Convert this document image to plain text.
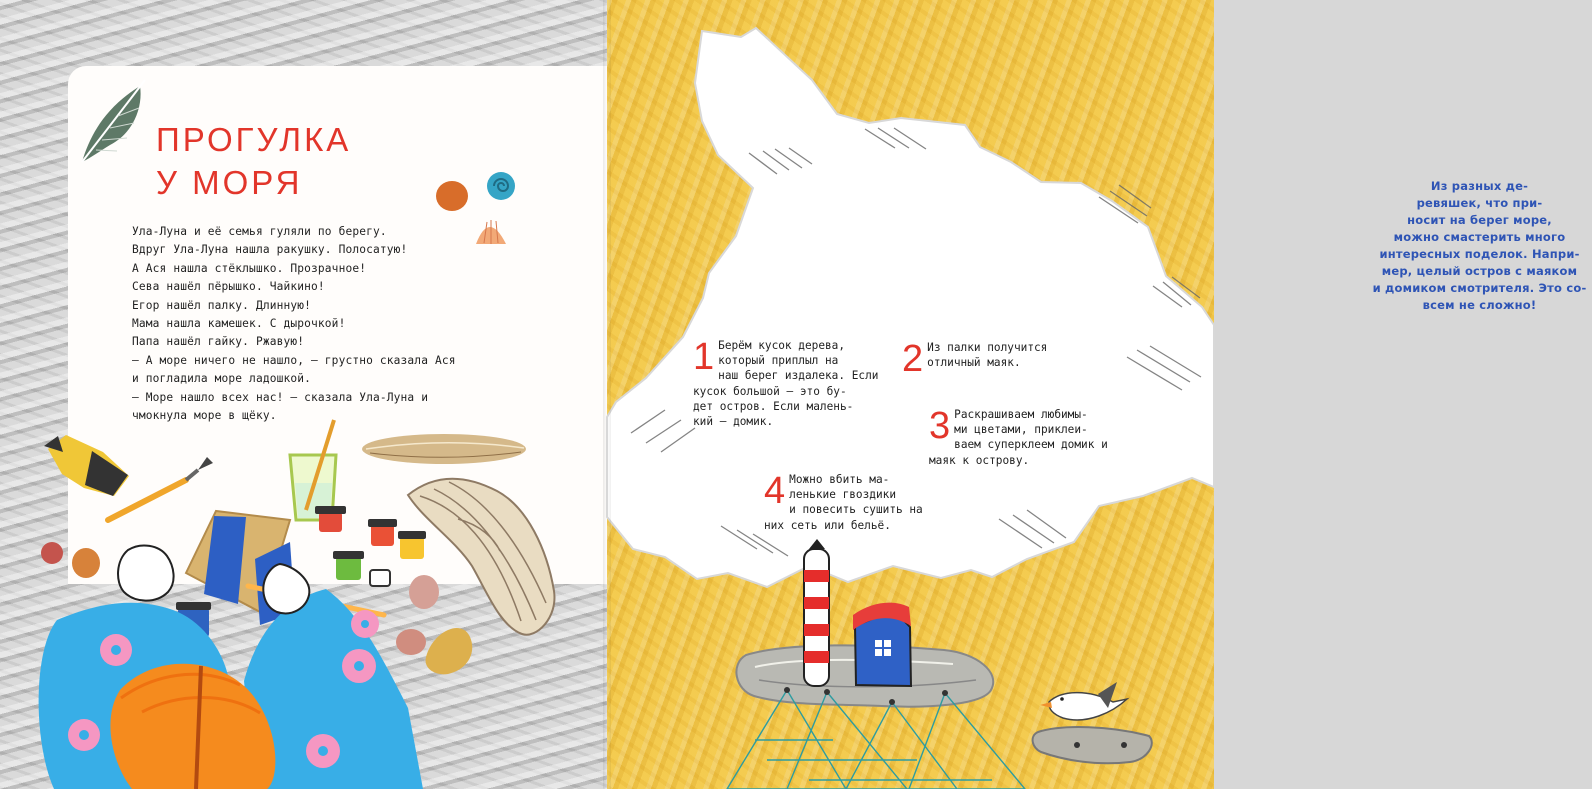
ПРОГУЛКА
У МОРЯ
Ула-Луна и её семья гуляли по берегу.
Вдруг Ула-Луна нашла ракушку. Полосатую!
А Ася нашла стёклышко. Прозрачное!
Сева нашёл пёрышко. Чайкино!
Егор нашёл палку. Длинную!
Мама нашла камешек. С дырочкой!
Папа нашёл гайку. Ржавую!
— А море ничего не нашло, — грустно сказала Ася
и погладила море ладошкой.
— Море нашло всех нас! — сказала Ула-Луна и
чмокнула море в щёку.
Из разных де-
ревяшек, что при-
носит на берег море,
можно смастерить много
интересных поделок. Напри-
мер, целый остров с маяком
и домиком смотрителя. Это со-
всем не сложно!
1 Берём кусок дерева,
который приплыл на
наш берег издалека. Если
кусок большой — это бу-
дет остров. Если малень-
кий — домик.
2 Из палки получится
отличный маяк.
3 Раскрашиваем любимы-
ми цветами, приклеи-
ваем суперклеем домик и
маяк к острову.
4 Можно вбить ма-
ленькие гвоздики
и повесить сушить на
них сеть или бельё.
